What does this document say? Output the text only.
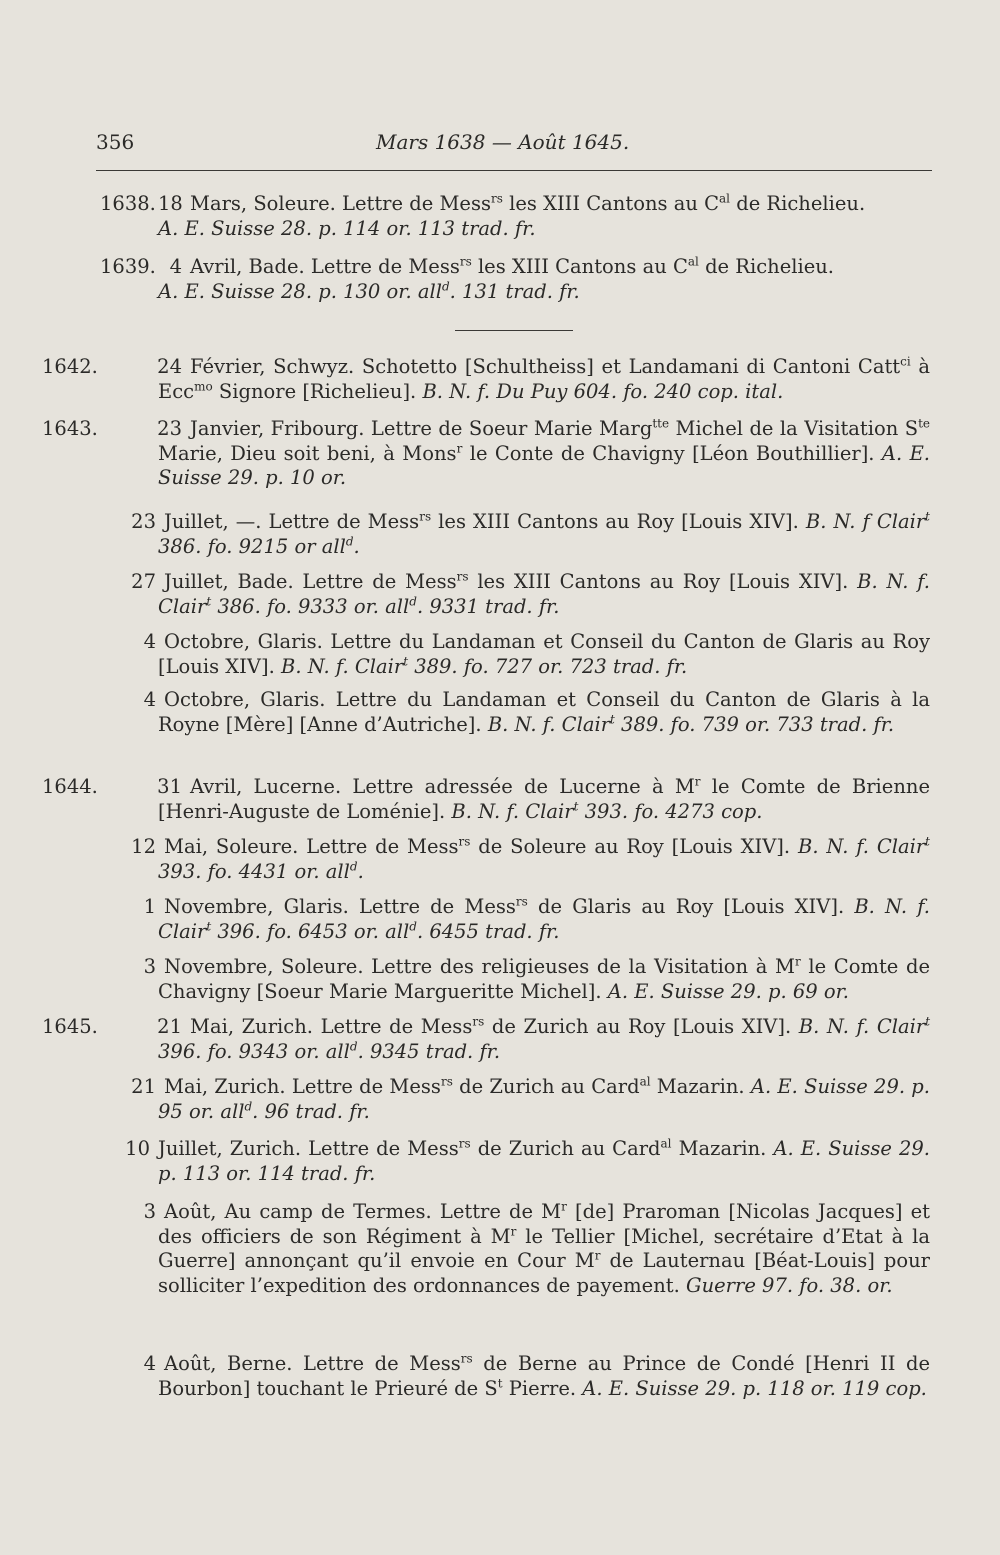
356	Mars 1638 — Août 1645.

1638. 18 Mars, Soleure. Lettre de Mess$^{rs}$ les XIII Cantons au $C^{al}$ de Richelieu.

A. E. Suisse 28. p. 114 or. 113 trad. fr.

1639. 4 Avril, Bade. Lettre de Mess$^{rs}$ les XIII Cantons au $C^{al}$ de Richelieu.

A. E. Suisse 28. p. 130 or. all$^d$. 131 trad. fr.

1642.	24 Février, Schwyz. Schotetto [Schultheiss] et Landamani di Cantoni Catt$^{ci}$ à Ecc$^{mo}$ Signore [Richelieu]. B. N. f. Du Puy 604. fo. 240 cop. ital.

1643.	23 Janvier, Fribourg. Lettre de Soeur Marie Marg$^{tte}$ Michel de la Visitation $S^{te}$ Marie, Dieu soit beni, à Mons$^r$ le Conte de Chavigny [Léon Bouthillier]. A. E. Suisse 29. p. 10 or.

23 Juillet, —. Lettre de Mess$^{rs}$ les XIII Cantons au Roy [Louis XIV]. B. N. f Clair$^t$ 386. fo. 9215 or all$^d$.

27 Juillet, Bade. Lettre de Mess$^{rs}$ les XIII Cantons au Roy [Louis XIV]. B. N. f. Clair$^t$ 386. fo. 9333 or. all$^d$. 9331 trad. fr.

4 Octobre, Glaris. Lettre du Landaman et Conseil du Canton de Glaris au Roy [Louis XIV]. B. N. f. Clair$^t$ 389. fo. 727 or. 723 trad. fr.

4 Octobre, Glaris. Lettre du Landaman et Conseil du Canton de Glaris à la Royne [Mère] [Anne d’Autriche]. B. N. f. Clair$^t$ 389. fo. 739 or. 733 trad. fr.

1644.	31 Avril, Lucerne. Lettre adressée de Lucerne à $M^r$ le Comte de Brienne [Henri-Auguste de Loménie]. B. N. f. Clair$^t$ 393. fo. 4273 cop.

12 Mai, Soleure. Lettre de Mess$^{rs}$ de Soleure au Roy [Louis XIV]. B. N. f. Clair$^t$ 393. fo. 4431 or. all$^d$.

1 Novembre, Glaris. Lettre de Mess$^{rs}$ de Glaris au Roy [Louis XIV]. B. N. f. Clair$^t$ 396. fo. 6453 or. all$^d$. 6455 trad. fr.

3 Novembre, Soleure. Lettre des religieuses de la Visitation à $M^r$ le Comte de Chavigny [Soeur Marie Margueritte Michel]. A. E. Suisse 29. p. 69 or.

1645.	21 Mai, Zurich. Lettre de Mess$^{rs}$ de Zurich au Roy [Louis XIV]. B. N. f. Clair$^t$ 396. fo. 9343 or. all$^d$. 9345 trad. fr.

21 Mai, Zurich. Lettre de Mess$^{rs}$ de Zurich au Card$^{al}$ Mazarin. A. E. Suisse 29. p. 95 or. all$^d$. 96 trad. fr.

10 Juillet, Zurich. Lettre de Mess$^{rs}$ de Zurich au Card$^{al}$ Mazarin. A. E. Suisse 29. p. 113 or. 114 trad. fr.

3 Août, Au camp de Termes. Lettre de $M^r$ [de] Praroman [Nicolas Jacques] et des officiers de son Régiment à $M^r$ le Tellier [Michel, secrétaire d’Etat à la Guerre] annonçant qu’il envoie en Cour $M^r$ de Lauternau [Béat-Louis] pour solliciter l’expedition des ordonnances de payement. Guerre 97. fo. 38. or.

4 Août, Berne. Lettre de Mess$^{rs}$ de Berne au Prince de Condé [Henri II de Bourbon] touchant le Prieuré de $S^t$ Pierre. A. E. Suisse 29. p. 118 or. 119 cop.
